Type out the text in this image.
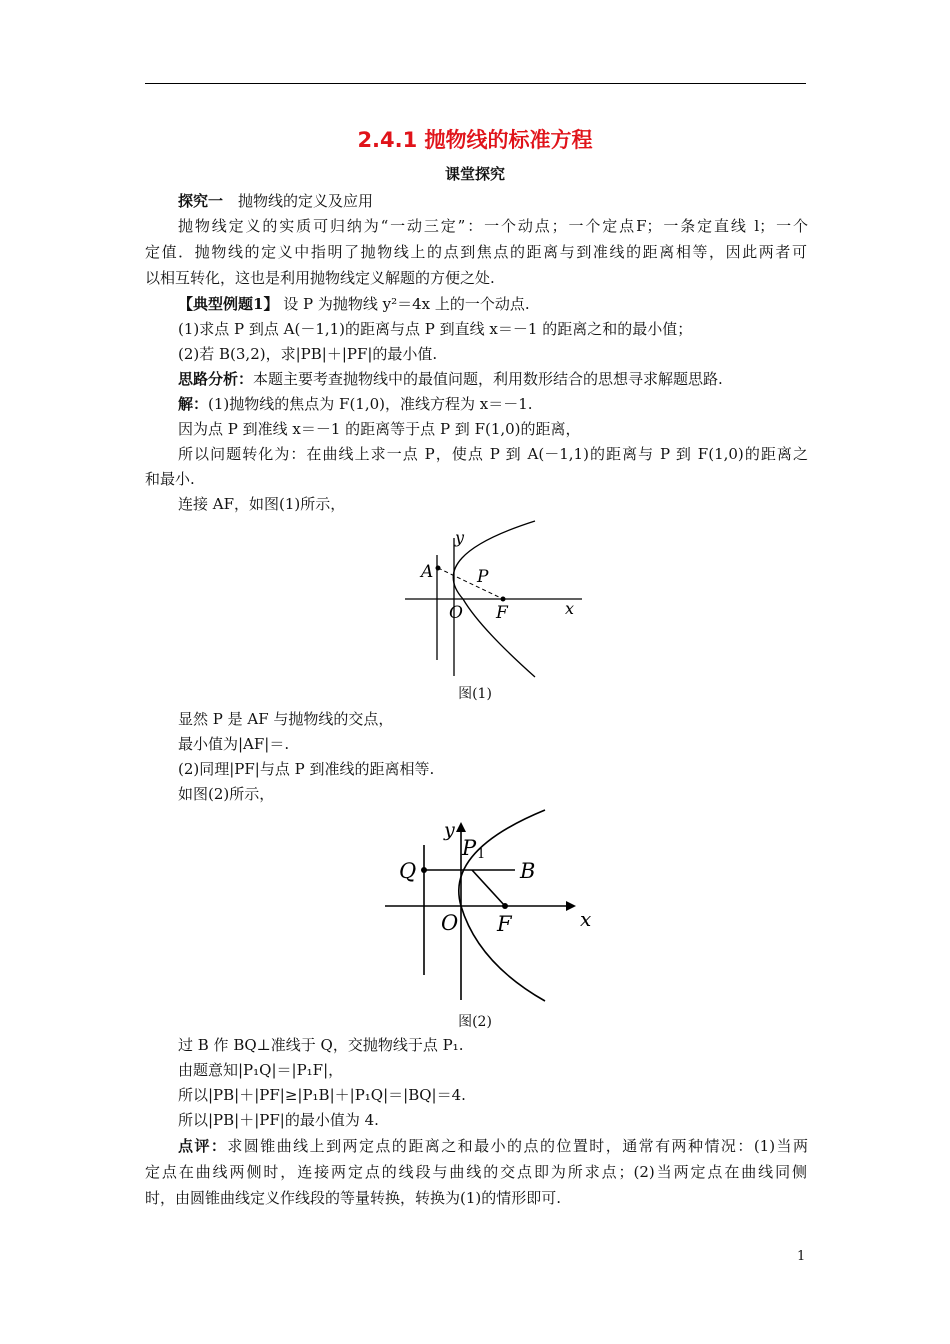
2.4.1 抛物线的标准方程
课堂探究
探究一　抛物线的定义及应用
抛物线定义的实质可归纳为“一动三定”：一个动点；一个定点F；一条定直线 l；一个
定值．抛物线的定义中指明了抛物线上的点到焦点的距离与到准线的距离相等，因此两者可
以相互转化，这也是利用抛物线定义解题的方便之处.
【典型例题1】 设 P 为抛物线 y²＝4x 上的一个动点.
(1)求点 P 到点 A(－1,1)的距离与点 P 到直线 x＝－1 的距离之和的最小值；
(2)若 B(3,2)，求|PB|＋|PF|的最小值.
思路分析：本题主要考查抛物线中的最值问题，利用数形结合的思想寻求解题思路.
解：(1)抛物线的焦点为 F(1,0)，准线方程为 x＝－1.
因为点 P 到准线 x＝－1 的距离等于点 P 到 F(1,0)的距离，
所以问题转化为：在曲线上求一点 P，使点 P 到 A(－1,1)的距离与 P 到 F(1,0)的距离之
和最小.
连接 AF，如图(1)所示，
y
x
O
A	P
F
图(1)
显然 P 是 AF 与抛物线的交点，
最小值为|AF|＝.
(2)同理|PF|与点 P 到准线的距离相等.
如图(2)所示，
y
x
O
Q
P 1
B
F
图(2)
过 B 作 BQ⊥准线于 Q，交抛物线于点 P₁.
由题意知|P₁Q|＝|P₁F|，
所以|PB|＋|PF|≥|P₁B|＋|P₁Q|＝|BQ|＝4.
所以|PB|＋|PF|的最小值为 4.
点评：求圆锥曲线上到两定点的距离之和最小的点的位置时，通常有两种情况：(1)当两
定点在曲线两侧时，连接两定点的线段与曲线的交点即为所求点；(2)当两定点在曲线同侧
时，由圆锥曲线定义作线段的等量转换，转换为(1)的情形即可.
1
